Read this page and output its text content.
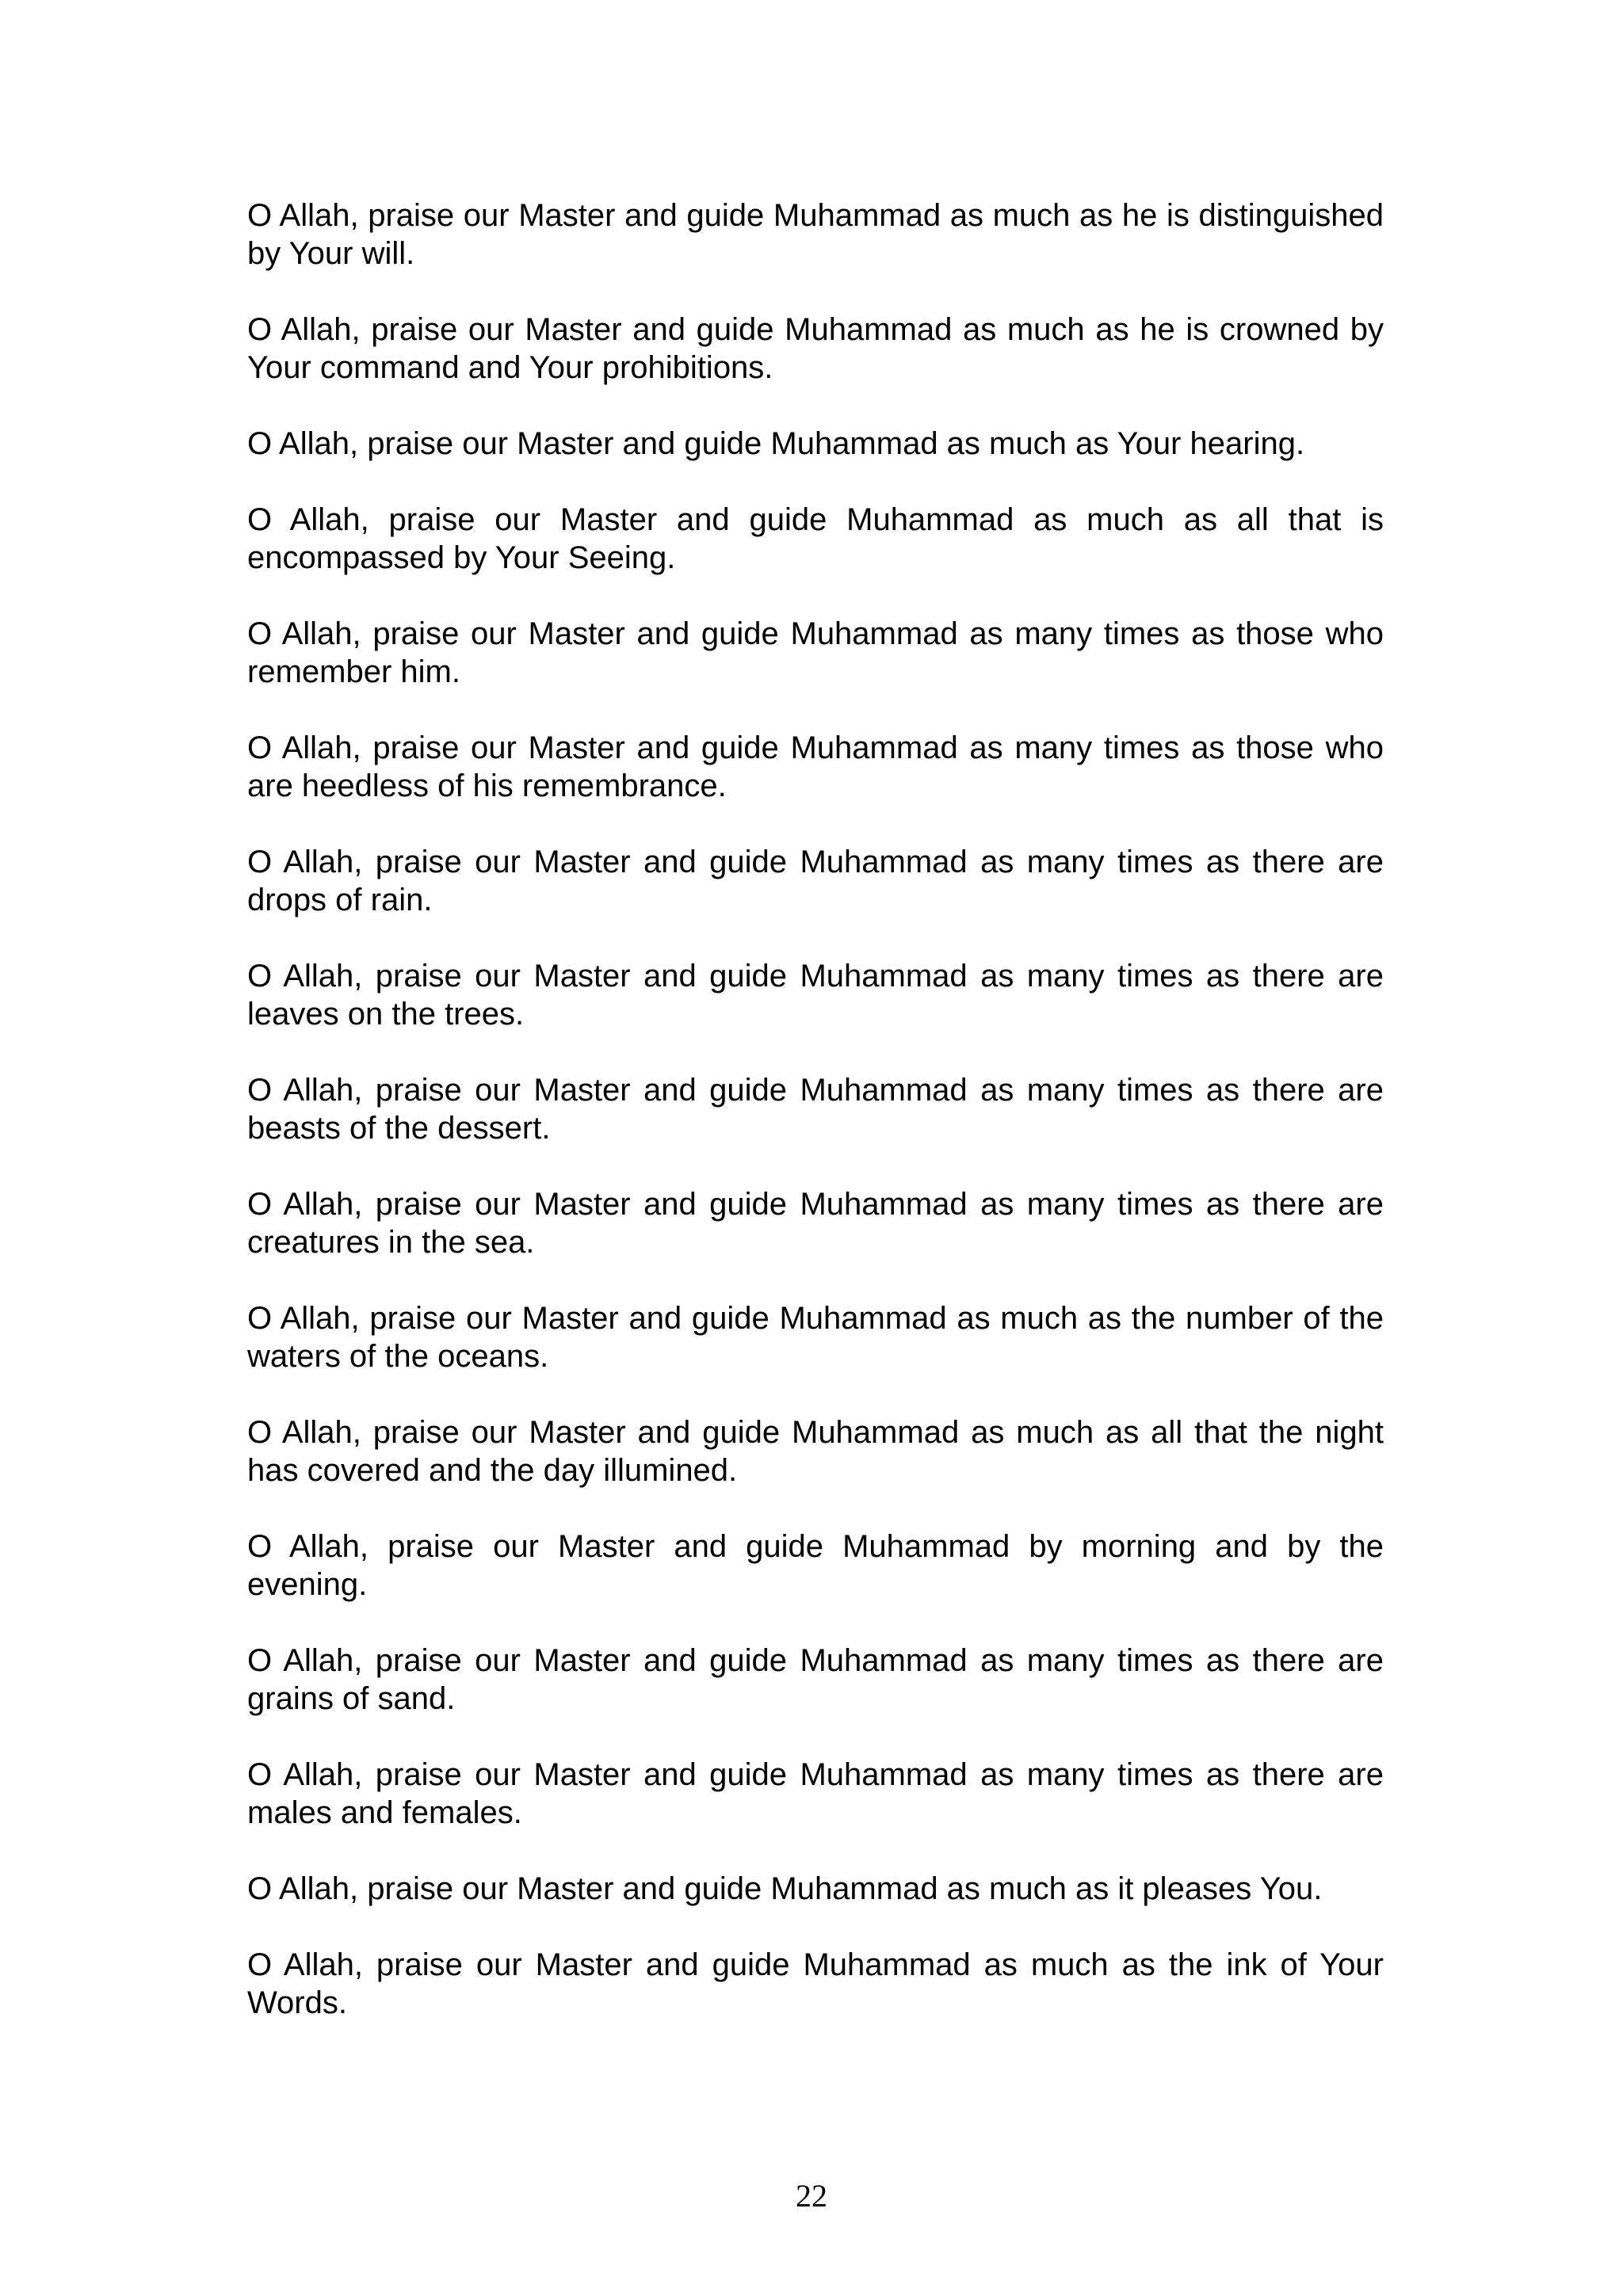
O Allah, praise our Master and guide Muhammad as much as he is distinguished by Your will.

O Allah, praise our Master and guide Muhammad as much as he is crowned by Your command and Your prohibitions.

O Allah, praise our Master and guide Muhammad as much as Your hearing.

O Allah, praise our Master and guide Muhammad as much as all that is encompassed by Your Seeing.

O Allah, praise our Master and guide Muhammad as many times as those who remember him.

O Allah, praise our Master and guide Muhammad as many times as those who are heedless of his remembrance.

O Allah, praise our Master and guide Muhammad as many times as there are drops of rain.

O Allah, praise our Master and guide Muhammad as many times as there are leaves on the trees.

O Allah, praise our Master and guide Muhammad as many times as there are beasts of the dessert.

O Allah, praise our Master and guide Muhammad as many times as there are creatures in the sea.

O Allah, praise our Master and guide Muhammad as much as the number of the waters of the oceans.

O Allah, praise our Master and guide Muhammad as much as all that the night has covered and the day illumined.

O Allah, praise our Master and guide Muhammad by morning and by the evening.

O Allah, praise our Master and guide Muhammad as many times as there are grains of sand.

O Allah, praise our Master and guide Muhammad as many times as there are males and females.

O Allah, praise our Master and guide Muhammad as much as it pleases You.

O Allah, praise our Master and guide Muhammad as much as the ink of Your Words.

22
